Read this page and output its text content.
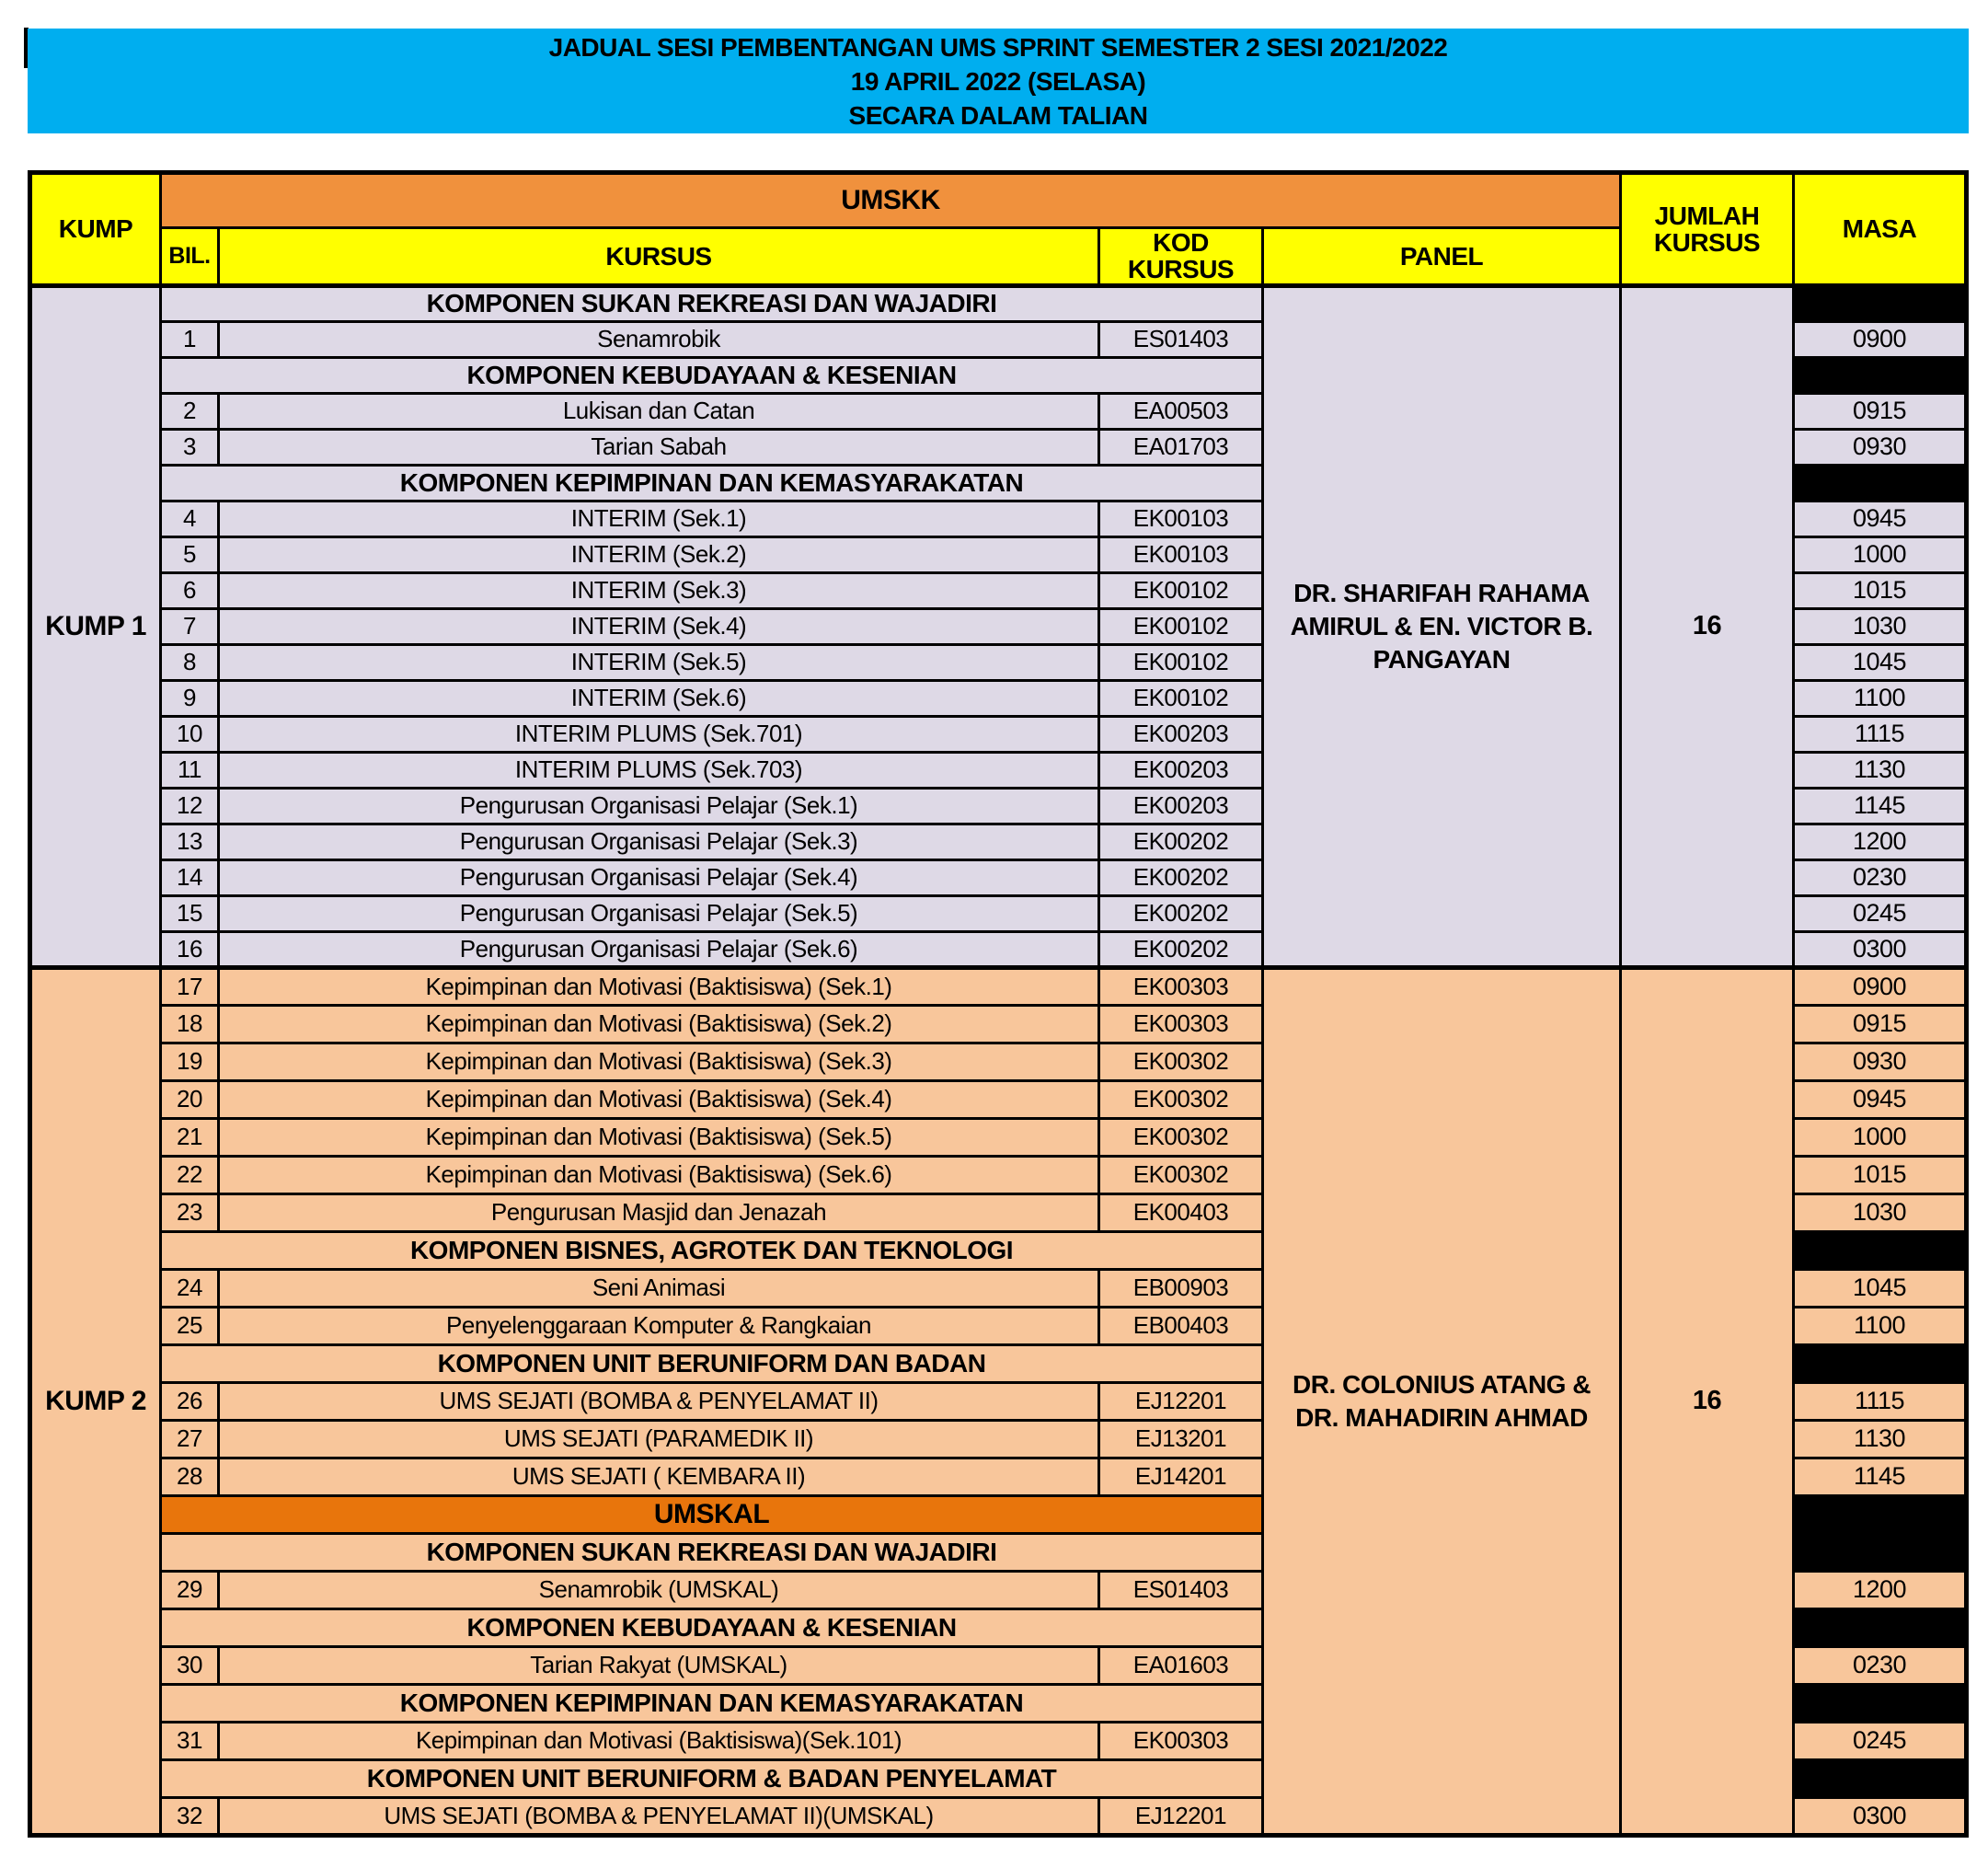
JADUAL SESI PEMBENTANGAN UMS SPRINT SEMESTER 2 SESI 2021/2022
19 APRIL 2022 (SELASA)
SECARA DALAM TALIAN
KUMP	UMSKK				JUMLAH KURSUS	MASA
	BIL.	KURSUS	KOD KURSUS	PANEL		
KUMP 1	KOMPONEN SUKAN REKREASI DAN WAJADIRI			DR. SHARIFAH RAHAMA AMIRUL & EN. VICTOR B. PANGAYAN	16	
	1	Senamrobik	ES01403			0900
	KOMPONEN KEBUDAYAAN & KESENIAN					
	2	Lukisan dan Catan	EA00503			0915
	3	Tarian Sabah	EA01703			0930
	KOMPONEN KEPIMPINAN DAN KEMASYARAKATAN					
	4	INTERIM (Sek.1)	EK00103			0945
	5	INTERIM (Sek.2)	EK00103			1000
	6	INTERIM (Sek.3)	EK00102			1015
	7	INTERIM (Sek.4)	EK00102			1030
	8	INTERIM (Sek.5)	EK00102			1045
	9	INTERIM (Sek.6)	EK00102			1100
	10	INTERIM PLUMS (Sek.701)	EK00203			1115
	11	INTERIM PLUMS (Sek.703)	EK00203			1130
	12	Pengurusan Organisasi Pelajar (Sek.1)	EK00203			1145
	13	Pengurusan Organisasi Pelajar (Sek.3)	EK00202			1200
	14	Pengurusan Organisasi Pelajar (Sek.4)	EK00202			0230
	15	Pengurusan Organisasi Pelajar (Sek.5)	EK00202			0245
	16	Pengurusan Organisasi Pelajar (Sek.6)	EK00202			0300
KUMP 2	17	Kepimpinan dan Motivasi (Baktisiswa) (Sek.1)	EK00303	DR. COLONIUS ATANG & DR. MAHADIRIN AHMAD	16	0900
	18	Kepimpinan dan Motivasi (Baktisiswa) (Sek.2)	EK00303			0915
	19	Kepimpinan dan Motivasi (Baktisiswa) (Sek.3)	EK00302			0930
	20	Kepimpinan dan Motivasi (Baktisiswa) (Sek.4)	EK00302			0945
	21	Kepimpinan dan Motivasi (Baktisiswa) (Sek.5)	EK00302			1000
	22	Kepimpinan dan Motivasi (Baktisiswa) (Sek.6)	EK00302			1015
	23	Pengurusan Masjid dan Jenazah	EK00403			1030
	KOMPONEN BISNES, AGROTEK DAN TEKNOLOGI					
	24	Seni Animasi	EB00903			1045
	25	Penyelenggaraan Komputer & Rangkaian	EB00403			1100
	KOMPONEN UNIT BERUNIFORM DAN BADAN					
	26	UMS SEJATI (BOMBA & PENYELAMAT II)	EJ12201			1115
	27	UMS SEJATI (PARAMEDIK II)	EJ13201			1130
	28	UMS SEJATI ( KEMBARA II)	EJ14201			1145
	UMSKAL					
	KOMPONEN SUKAN REKREASI DAN WAJADIRI					
	29	Senamrobik (UMSKAL)	ES01403			1200
	KOMPONEN KEBUDAYAAN & KESENIAN					
	30	Tarian Rakyat (UMSKAL)	EA01603			0230
	KOMPONEN KEPIMPINAN DAN KEMASYARAKATAN					
	31	Kepimpinan dan Motivasi (Baktisiswa)(Sek.101)	EK00303			0245
	KOMPONEN UNIT BERUNIFORM & BADAN PENYELAMAT					
	32	UMS SEJATI (BOMBA & PENYELAMAT II)(UMSKAL)	EJ12201			0300
